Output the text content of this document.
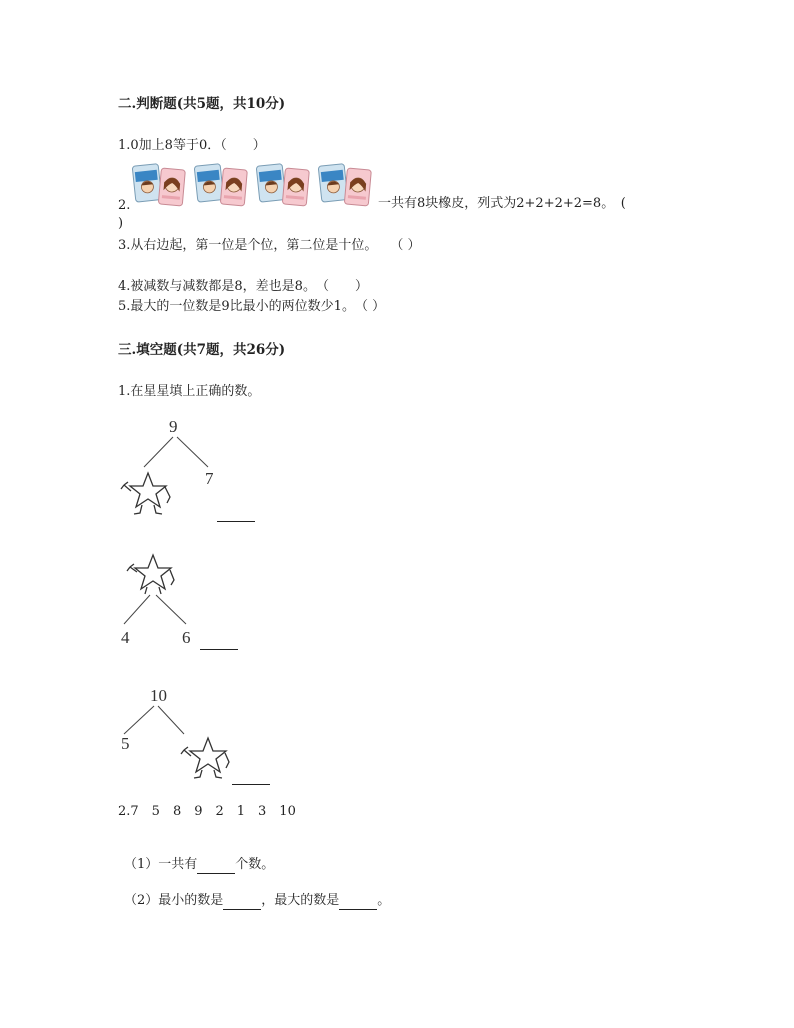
二.判断题(共5题，共10分)
1.0加上8等于0．（　　）
2.	一共有8块橡皮，列式为2+2+2+2=8。　(
)
3.从右边起，第一位是个位，第二位是十位。　　（ ）
4.被减数与减数都是8，差也是8。　（　　）
5.最大的一位数是9比最小的两位数少1。　（ ）
三.填空题(共7题，共26分)
1.在星星填上正确的数。
9
7
4	6
10
5
2.7　5　8　9　2　1　3　10
（1）一共有	个数。
（2）最小的数是	，最大的数是	。
